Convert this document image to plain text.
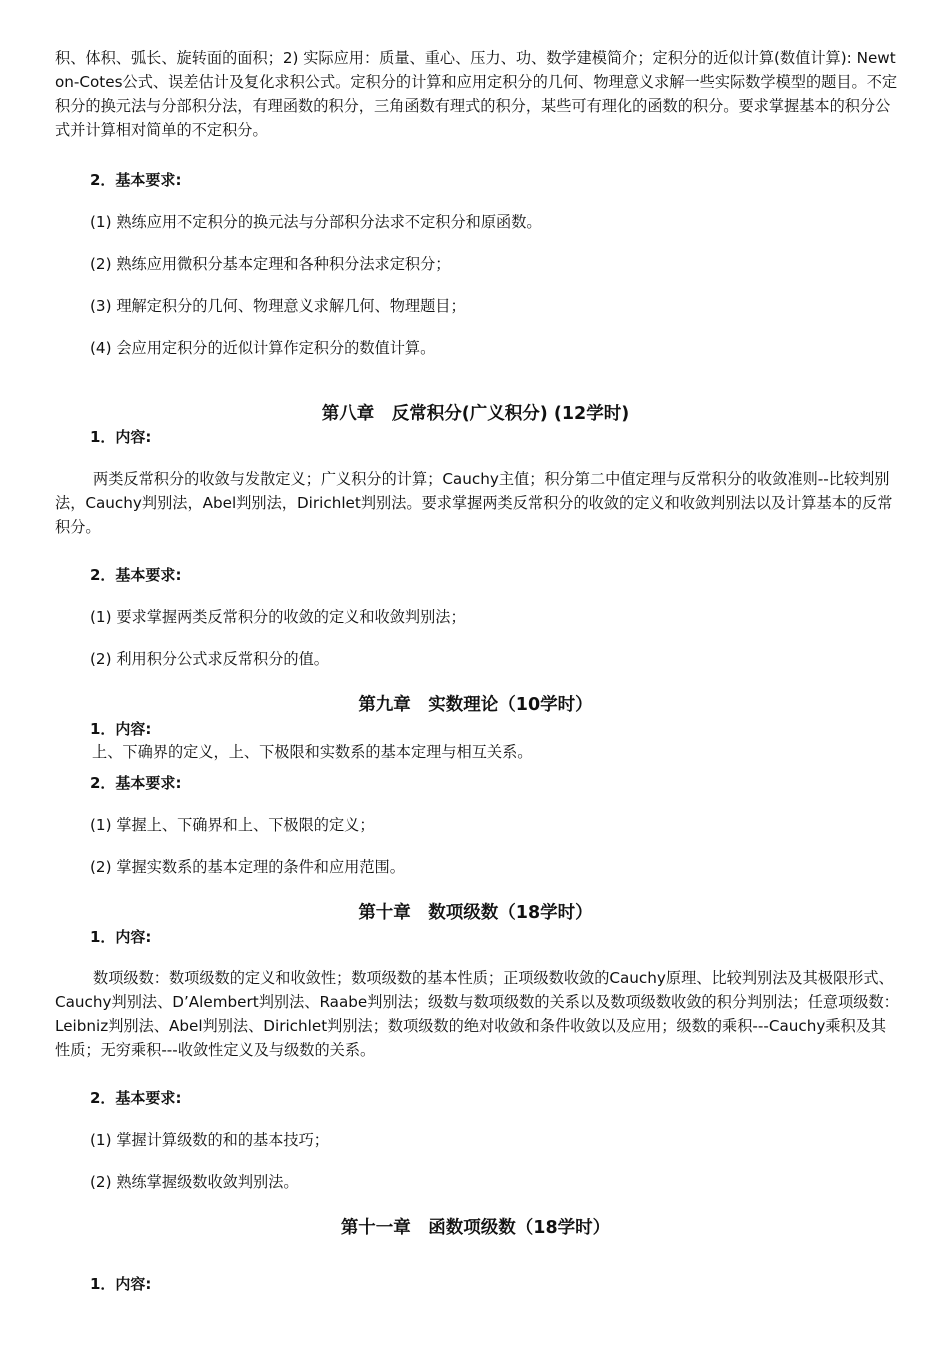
积、体积、弧长、旋转面的面积；2) 实际应用：质量、重心、压力、功、数学建模简介；定积分的近似计算(数值计算): Newton-Cotes公式、误差估计及复化求积公式。定积分的计算和应用定积分的几何、物理意义求解一些实际数学模型的题目。不定积分的换元法与分部积分法，有理函数的积分，三角函数有理式的积分，某些可有理化的函数的积分。要求掌握基本的积分公式并计算相对简单的不定积分。

2．基本要求:

(1) 熟练应用不定积分的换元法与分部积分法求不定积分和原函数。

(2) 熟练应用微积分基本定理和各种积分法求定积分；

(3) 理解定积分的几何、物理意义求解几何、物理题目；

(4) 会应用定积分的近似计算作定积分的数值计算。

第八章　反常积分(广义积分) (12学时)

1．内容:

两类反常积分的收敛与发散定义；广义积分的计算；Cauchy主值；积分第二中值定理与反常积分的收敛准则--比较判别法，Cauchy判别法，Abel判别法，Dirichlet判别法。要求掌握两类反常积分的收敛的定义和收敛判别法以及计算基本的反常积分。

2．基本要求:

(1) 要求掌握两类反常积分的收敛的定义和收敛判别法；

(2) 利用积分公式求反常积分的值。

第九章　实数理论（10学时）

1．内容:

上、下确界的定义，上、下极限和实数系的基本定理与相互关系。

2．基本要求:

(1) 掌握上、下确界和上、下极限的定义；

(2) 掌握实数系的基本定理的条件和应用范围。

第十章　数项级数（18学时）

1．内容:

数项级数：数项级数的定义和收敛性；数项级数的基本性质；正项级数收敛的Cauchy原理、比较判别法及其极限形式、Cauchy判别法、D’Alembert判别法、Raabe判别法；级数与数项级数的关系以及数项级数收敛的积分判别法；任意项级数：Leibniz判别法、Abel判别法、Dirichlet判别法；数项级数的绝对收敛和条件收敛以及应用；级数的乘积---Cauchy乘积及其性质；无穷乘积---收敛性定义及与级数的关系。

2．基本要求:

(1) 掌握计算级数的和的基本技巧；

(2) 熟练掌握级数收敛判别法。

第十一章　函数项级数（18学时）

1．内容:
